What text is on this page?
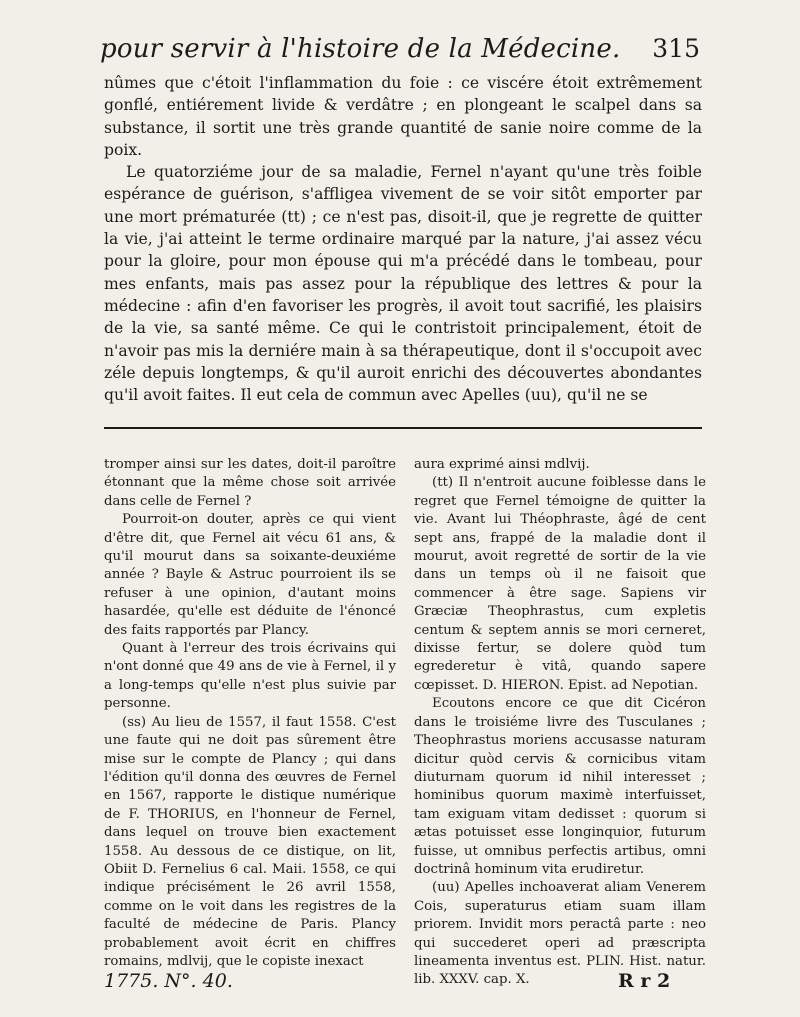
pour servir à l'histoire de la Médecine. 315

nûmes que c'étoit l'inflammation du foie : ce viscére étoit extrêmement gonflé, entiérement livide & verdâtre ; en plongeant le scalpel dans sa substance, il sortit une très grande quantité de sanie noire comme de la poix.

Le quatorziéme jour de sa maladie, Fernel n'ayant qu'une très foible espérance de guérison, s'affligea vivement de se voir sitôt emporter par une mort prématurée (tt) ; ce n'est pas, disoit-il, que je regrette de quitter la vie, j'ai atteint le terme ordinaire marqué par la nature, j'ai assez vécu pour la gloire, pour mon épouse qui m'a précédé dans le tombeau, pour mes enfants, mais pas assez pour la république des lettres & pour la médecine : afin d'en favoriser les progrès, il avoit tout sacrifié, les plaisirs de la vie, sa santé même. Ce qui le contristoit principalement, étoit de n'avoir pas mis la derniére main à sa thérapeutique, dont il s'occupoit avec zéle depuis longtemps, & qu'il auroit enrichi des découvertes abondantes qu'il avoit faites. Il eut cela de commun avec Apelles (uu), qu'il ne se

tromper ainsi sur les dates, doit-il paroître étonnant que la même chose soit arrivée dans celle de Fernel ?

Pourroit-on douter, après ce qui vient d'être dit, que Fernel ait vécu 61 ans, & qu'il mourut dans sa soixante-deuxiéme année ? Bayle & Astruc pourroient ils se refuser à une opinion, d'autant moins hasardée, qu'elle est déduite de l'énoncé des faits rapportés par Plancy.

Quant à l'erreur des trois écrivains qui n'ont donné que 49 ans de vie à Fernel, il y a long-temps qu'elle n'est plus suivie par personne.

(ss) Au lieu de 1557, il faut 1558. C'est une faute qui ne doit pas sûrement être mise sur le compte de Plancy ; qui dans l'édition qu'il donna des œuvres de Fernel en 1567, rapporte le distique numérique de F. THORIUS, en l'honneur de Fernel, dans lequel on trouve bien exactement 1558. Au dessous de ce distique, on lit, Obiit D. Fernelius 6 cal. Maii. 1558, ce qui indique précisément le 26 avril 1558, comme on le voit dans les registres de la faculté de médecine de Paris. Plancy probablement avoit écrit en chiffres romains, mdlvij, que le copiste inexact

aura exprimé ainsi mdlvij.

(tt) Il n'entroit aucune foiblesse dans le regret que Fernel témoigne de quitter la vie. Avant lui Théophraste, âgé de cent sept ans, frappé de la maladie dont il mourut, avoit regretté de sortir de la vie dans un temps où il ne faisoit que commencer à être sage. Sapiens vir Græciæ Theophrastus, cum expletis centum & septem annis se mori cerneret, dixisse fertur, se dolere quòd tum egrederetur è vitâ, quando sapere cœpisset. D. HIERON. Epist. ad Nepotian.

Ecoutons encore ce que dit Cicéron dans le troisiéme livre des Tusculanes ; Theophrastus moriens accusasse naturam dicitur quòd cervis & cornicibus vitam diuturnam quorum id nihil interesset ; hominibus quorum maximè interfuisset, tam exiguam vitam dedisset : quorum si ætas potuisset esse longinquior, futurum fuisse, ut omnibus perfectis artibus, omni doctrinâ hominum vita erudiretur.

(uu) Apelles inchoaverat aliam Venerem Cois, superaturus etiam suam illam priorem. Invidit mors peractâ parte : neo qui succederet operi ad præscripta lineamenta inventus est. PLIN. Hist. natur. lib. XXXV. cap. X.

1775. N°. 40.	R r 2
